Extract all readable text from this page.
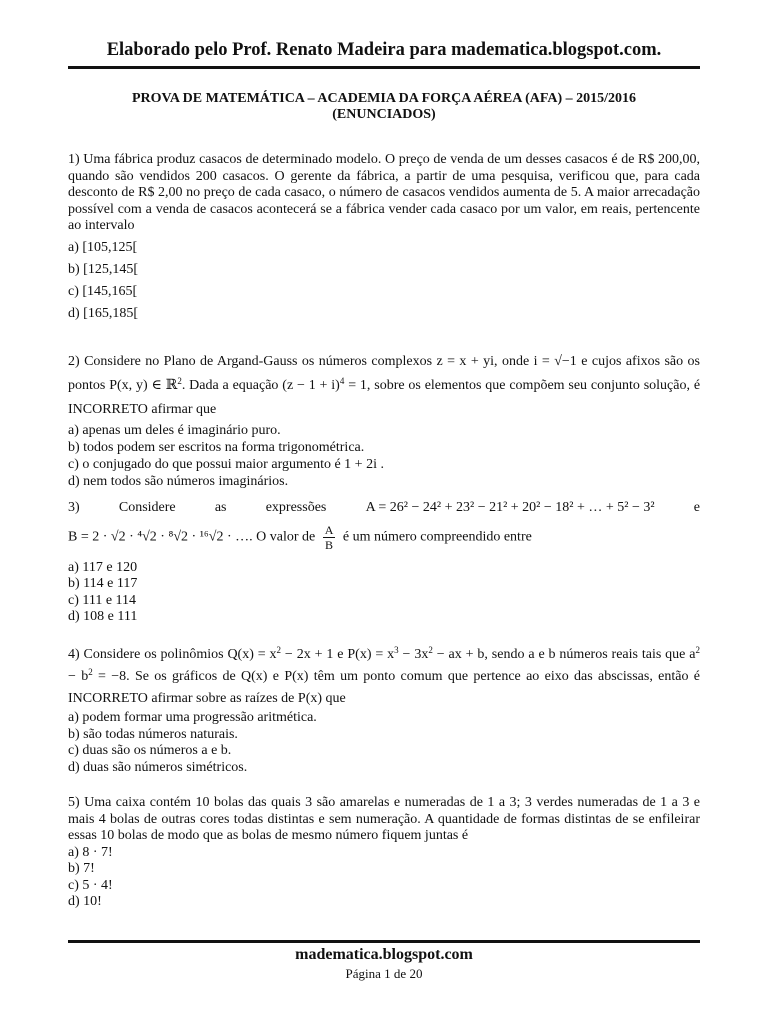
Elaborado pelo Prof. Renato Madeira para madematica.blogspot.com.
PROVA DE MATEMÁTICA – ACADEMIA DA FORÇA AÉREA (AFA) – 2015/2016
(ENUNCIADOS)

1) Uma fábrica produz casacos de determinado modelo. O preço de venda de um desses casacos é de R$ 200,00, quando são vendidos 200 casacos. O gerente da fábrica, a partir de uma pesquisa, verificou que, para cada desconto de R$ 2,00 no preço de cada casaco, o número de casacos vendidos aumenta de 5. A maior arrecadação possível com a venda de casacos acontecerá se a fábrica vender cada casaco por um valor, em reais, pertencente ao intervalo

a) [105,125[
b) [125,145[
c) [145,165[
d) [165,185[

2) Considere no Plano de Argand-Gauss os números complexos z = x + yi, onde i = √−1 e cujos afixos são os pontos P(x, y) ∈ ℝ$^2$. Dada a equação $(z - 1 + i)^4 = 1$, sobre os elementos que compõem seu conjunto solução, é INCORRETO afirmar que

a) apenas um deles é imaginário puro.
b) todos podem ser escritos na forma trigonométrica.
c) o conjugado do que possui maior argumento é 1 + 2i .
d) nem todos são números imaginários.
3)	Considere	as	expressões	A = 26² − 24² + 23² − 21² + 20² − 18² + … + 5² − 3²	e
B = 2 · √2 · ⁴√2 · ⁸√2 · ¹⁶√2 · …. O valor de $\frac{A}{B}$ é um número compreendido entre
a) 117 e 120
b) 114 e 117
c) 111 e 114
d) 108 e 111

4) Considere os polinômios $Q(x) = x^2 - 2x + 1$ e $P(x) = x^3 - 3x^2$ − ax + b, sendo a e b números reais tais que $a^2 - b^2 = -8$. Se os gráficos de Q(x) e P(x) têm um ponto comum que pertence ao eixo das abscissas, então é INCORRETO afirmar sobre as raízes de P(x) que

a) podem formar uma progressão aritmética.
b) são todas números naturais.
c) duas são os números a e b.
d) duas são números simétricos.

5) Uma caixa contém 10 bolas das quais 3 são amarelas e numeradas de 1 a 3; 3 verdes numeradas de 1 a 3 e mais 4 bolas de outras cores todas distintas e sem numeração. A quantidade de formas distintas de se enfileirar essas 10 bolas de modo que as bolas de mesmo número fiquem juntas é

a) 8 · 7!
b) 7!
c) 5 · 4!
d) 10!
madematica.blogspot.com
Página 1 de 20
